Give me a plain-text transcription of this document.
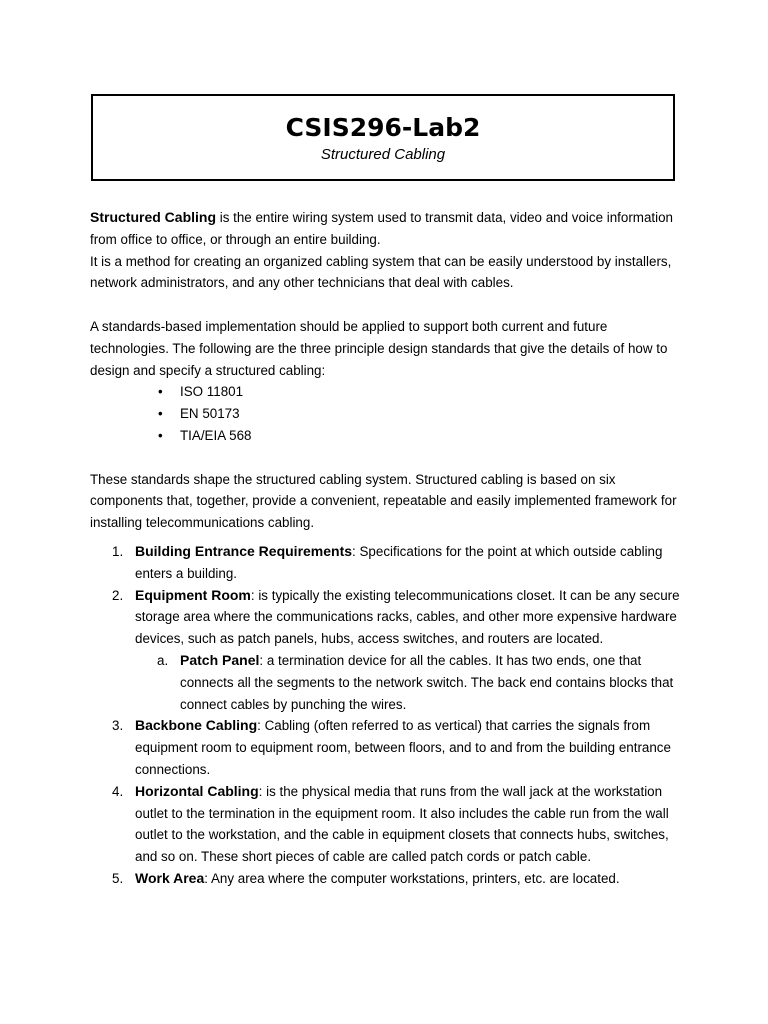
CSIS296-Lab2

Structured Cabling

Structured Cabling is the entire wiring system used to transmit data, video and voice information from office to office, or through an entire building.

It is a method for creating an organized cabling system that can be easily understood by installers, network administrators, and any other technicians that deal with cables.

A standards-based implementation should be applied to support both current and future technologies. The following are the three principle design standards that give the details of how to design and specify a structured cabling:

• ISO 11801
• EN 50173
• TIA/EIA 568

These standards shape the structured cabling system. Structured cabling is based on six components that, together, provide a convenient, repeatable and easily implemented framework for installing telecommunications cabling.

1. Building Entrance Requirements: Specifications for the point at which outside cabling enters a building.
2. Equipment Room: is typically the existing telecommunications closet. It can be any secure storage area where the communications racks, cables, and other more expensive hardware devices, such as patch panels, hubs, access switches, and routers are located.
a. Patch Panel: a termination device for all the cables. It has two ends, one that connects all the segments to the network switch. The back end contains blocks that connect cables by punching the wires.
3. Backbone Cabling: Cabling (often referred to as vertical) that carries the signals from equipment room to equipment room, between floors, and to and from the building entrance connections.
4. Horizontal Cabling: is the physical media that runs from the wall jack at the workstation outlet to the termination in the equipment room. It also includes the cable run from the wall outlet to the workstation, and the cable in equipment closets that connects hubs, switches, and so on. These short pieces of cable are called patch cords or patch cable.
5. Work Area: Any area where the computer workstations, printers, etc. are located.
